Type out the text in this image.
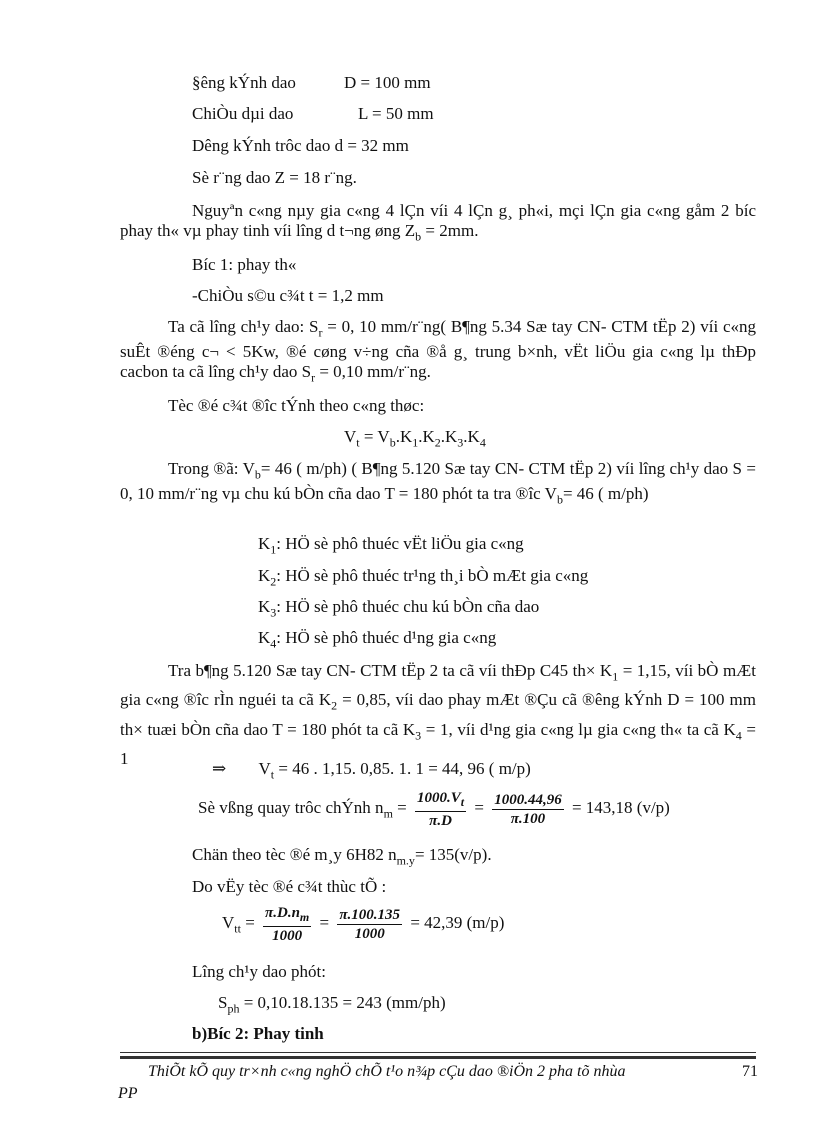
§êng kÝnh dao	D = 100 mm
ChiÒu dµi dao	L = 50 mm
Dêng kÝnh trôc dao d = 32 mm
Sè r¨ng dao Z = 18 r¨ng.
Nguyªn c«ng nµy gia c«ng 4 lÇn víi 4 lÇn g¸ ph«i, mçi lÇn gia c«ng gåm 2 bíc phay th« vµ phay tinh víi lîng d t¬ng øng $Z_b = 2mm$.
Bíc 1: phay th«
-ChiÒu s©u c¾t t = 1,2 mm
Ta cã lîng ch¹y dao: $S_r = 0$, 10 mm/r¨ng( B¶ng 5.34 Sæ tay CN- CTM tËp 2) víi c«ng suÊt ®éng c¬ < 5Kw, ®é cøng v÷ng cña ®å g¸ trung b×nh, vËt liÖu gia c«ng lµ thÐp cacbon ta cã lîng ch¹y dao $S_r = 0,10$ mm/r¨ng.
Tèc ®é c¾t ®îc tÝnh theo c«ng thøc:
$V_t = V_b.K_1.K_2.K_3.K_4$
Trong ®ã: $V_b= 46$ ( m/ph) ( B¶ng 5.120 Sæ tay CN- CTM tËp 2) víi lîng ch¹y dao S = 0, 10 mm/r¨ng vµ chu kú bÒn cña dao T = 180 phót ta tra ®îc $V_b= 46$ ( m/ph)
$K_1$: HÖ sè phô thuéc vËt liÖu gia c«ng
$K_2$: HÖ sè phô thuéc tr¹ng th¸i bÒ mÆt gia c«ng
$K_3$: HÖ sè phô thuéc chu kú bÒn cña dao
$K_4$: HÖ sè phô thuéc d¹ng gia c«ng
Tra b¶ng 5.120 Sæ tay CN- CTM tËp 2 ta cã víi thÐp C45 $th\times K_1 = 1,15$, víi bÒ mÆt gia c«ng ®îc rÌn nguéi ta cã $K_2 = 0,85$, víi dao phay mÆt ®Çu cã ®êng kÝnh D = 100 mm th× tuæi bÒn cña dao T = 180 phót ta cã $K_3 = 1$, víi d¹ng gia c«ng lµ gia c«ng th« ta cã $K_4 = 1$
⇒ $V_t = 46$ . 1,15. 0,85. 1. 1 = 44, 96 ( m/p)
Sè vßng quay trôc chÝnh $n_m = \frac{1000.V_t}{\pi.D} = \frac{1000.44,96}{\pi.100} = 143,18$ (v/p)
Chän theo tèc ®é m¸y 6H82 $n_{m.y}= 135(v/p)$.
Do vËy tèc ®é c¾t thùc tÕ :
$V_{tt} = \frac{\pi.D.n_m}{1000} = \frac{\pi.100.135}{1000} = 42,39$ (m/p)
Lîng ch¹y dao phót:
$S_{ph} = 0,10.18.135 = 243$ (mm/ph)
b)Bíc 2: Phay tinh
ThiÕt kÕ quy tr×nh c«ng nghÖ chÕ t¹o n¾p cÇu dao ®iÖn 2 pha tõ nhùa
PP
71
